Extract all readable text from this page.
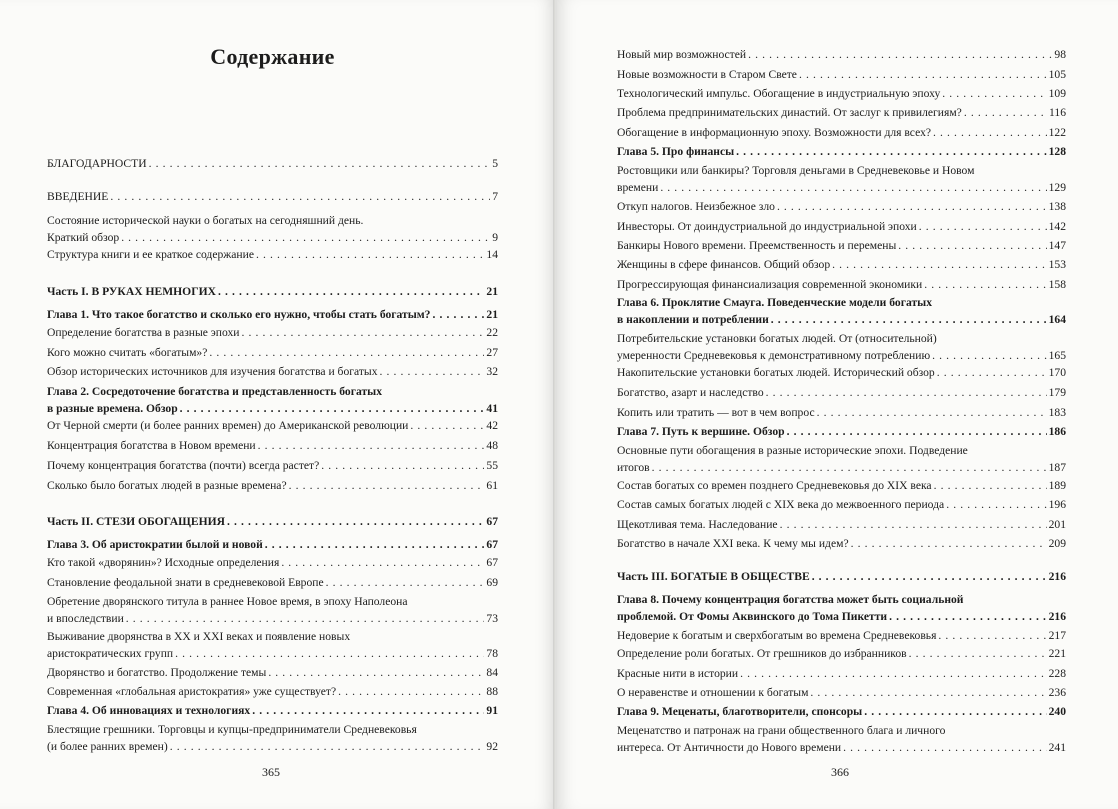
Содержание
БЛАГОДАРНОСТИ . . .	5
ВВЕДЕНИЕ . . .	7
Состояние исторической науки о богатых на сегодняшний день.
Краткий обзор . . .	9
Структура книги и ее краткое содержание . . .	14
Часть I. В РУКАХ НЕМНОГИХ . . .	21
Глава 1. Что такое богатство и сколько его нужно, чтобы стать богатым? . . .	21
Определение богатства в разные эпохи . . .	22
Кого можно считать «богатым»? . . .	27
Обзор исторических источников для изучения богатства и богатых . . .	32
Глава 2. Сосредоточение богатства и представленность богатых
в разные времена. Обзор . . .	41
От Черной смерти (и более ранних времен) до Американской революции . . .	42
Концентрация богатства в Новом времени . . .	48
Почему концентрация богатства (почти) всегда растет? . . .	55
Сколько было богатых людей в разные времена? . . .	61
Часть II. СТЕЗИ ОБОГАЩЕНИЯ . . .	67
Глава 3. Об аристократии былой и новой . . .	67
Кто такой «дворянин»? Исходные определения . . .	67
Становление феодальной знати в средневековой Европе . . .	69
Обретение дворянского титула в раннее Новое время, в эпоху Наполеона
и впоследствии . . .	73
Выживание дворянства в XX и XXI веках и появление новых
аристократических групп . . .	78
Дворянство и богатство. Продолжение темы . . .	84
Современная «глобальная аристократия» уже существует? . . .	88
Глава 4. Об инновациях и технологиях . . .	91
Блестящие грешники. Торговцы и купцы-предприниматели Средневековья
(и более ранних времен) . . .	92
365
Новый мир возможностей . . .	98
Новые возможности в Старом Свете . . .	105
Технологический импульс. Обогащение в индустриальную эпоху . . .	109
Проблема предпринимательских династий. От заслуг к привилегиям? . . .	116
Обогащение в информационную эпоху. Возможности для всех? . . .	122
Глава 5. Про финансы . . .	128
Ростовщики или банкиры? Торговля деньгами в Средневековье и Новом
времени . . .	129
Откуп налогов. Неизбежное зло . . .	138
Инвесторы. От доиндустриальной до индустриальной эпохи . . .	142
Банкиры Нового времени. Преемственность и перемены . . .	147
Женщины в сфере финансов. Общий обзор . . .	153
Прогрессирующая финансиализация современной экономики . . .	158
Глава 6. Проклятие Смауга. Поведенческие модели богатых
в накоплении и потреблении . . .	164
Потребительские установки богатых людей. От (относительной)
умеренности Средневековья к демонстративному потреблению . . .	165
Накопительские установки богатых людей. Исторический обзор . . .	170
Богатство, азарт и наследство . . .	179
Копить или тратить — вот в чем вопрос . . .	183
Глава 7. Путь к вершине. Обзор . . .	186
Основные пути обогащения в разные исторические эпохи. Подведение
итогов . . .	187
Состав богатых со времен позднего Средневековья до XIX века . . .	189
Состав самых богатых людей с XIX века до межвоенного периода . . .	196
Щекотливая тема. Наследование . . .	201
Богатство в начале XXI века. К чему мы идем? . . .	209
Часть III. БОГАТЫЕ В ОБЩЕСТВЕ . . .	216
Глава 8. Почему концентрация богатства может быть социальной
проблемой. От Фомы Аквинского до Тома Пикетти . . .	216
Недоверие к богатым и сверхбогатым во времена Средневековья . . .	217
Определение роли богатых. От грешников до избранников . . .	221
Красные нити в истории . . .	228
О неравенстве и отношении к богатым . . .	236
Глава 9. Меценаты, благотворители, спонсоры . . .	240
Меценатство и патронаж на грани общественного блага и личного
интереса. От Античности до Нового времени . . .	241
366
